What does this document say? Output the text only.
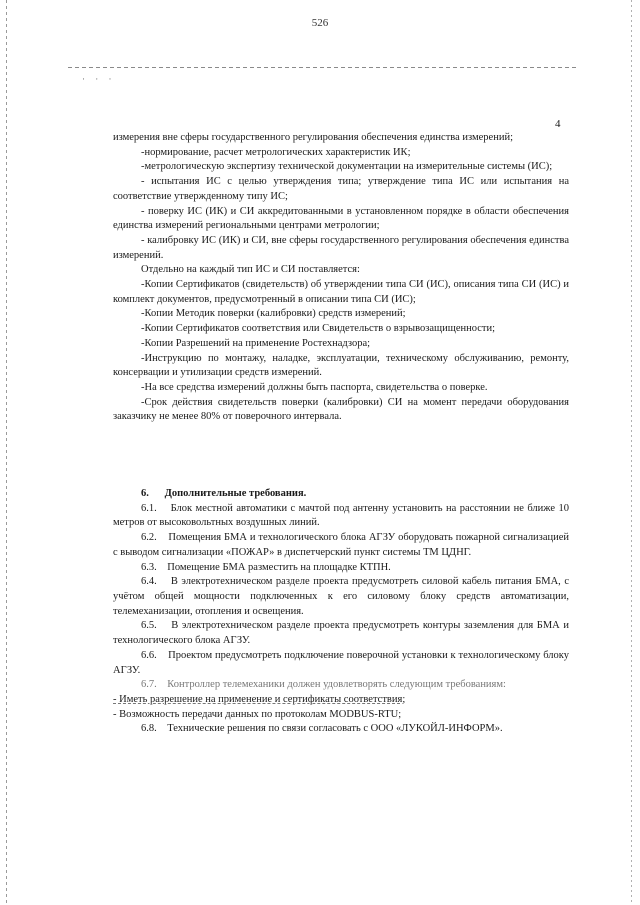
526
· · ·
4

измерения вне сферы государственного регулирования обеспечения единства измерений;

-нормирование, расчет метрологических характеристик ИК;

-метрологическую экспертизу технической документации на измерительные системы (ИС);

- испытания ИС с целью утверждения типа; утверждение типа ИС или испытания на соответствие утвержденному типу ИС;

- поверку ИС (ИК) и СИ аккредитованными в установленном порядке в области обеспечения единства измерений региональными центрами метрологии;

- калибровку ИС (ИК) и СИ, вне сферы государственного регулирования обеспечения единства измерений.

Отдельно на каждый тип ИС и СИ поставляется:

-Копии Сертификатов (свидетельств) об утверждении типа СИ (ИС), описания типа СИ (ИС) и комплект документов, предусмотренный в описании типа СИ (ИС);

-Копии Методик поверки (калибровки) средств измерений;

-Копии Сертификатов соответствия или Свидетельств о взрывозащищенности;

-Копии Разрешений на применение Ростехнадзора;

-Инструкцию по монтажу, наладке, эксплуатации, техническому обслуживанию, ремонту, консервации и утилизации средств измерений.

-На все средства измерений должны быть паспорта, свидетельства о поверке.

-Срок действия свидетельств поверки (калибровки) СИ на момент передачи оборудования заказчику не менее 80% от поверочного интервала.

6. Дополнительные требования.

6.1. Блок местной автоматики с мачтой под антенну установить на расстоянии не ближе 10 метров от высоковольтных воздушных линий.

6.2. Помещения БМА и технологического блока АГЗУ оборудовать пожарной сигнализацией с выводом сигнализации «ПОЖАР» в диспетчерский пункт системы ТМ ЦДНГ.

6.3. Помещение БМА разместить на площадке КТПН.

6.4. В электротехническом разделе проекта предусмотреть силовой кабель питания БМА, с учётом общей мощности подключенных к его силовому блоку средств автоматизации, телемеханизации, отопления и освещения.

6.5. В электротехническом разделе проекта предусмотреть контуры заземления для БМА и технологического блока АГЗУ.

6.6. Проектом предусмотреть подключение поверочной установки к технологическому блоку АГЗУ.

6.7. Контроллер телемеханики должен удовлетворять следующим требованиям:

- Иметь разрешение на применение и сертификаты соответствия;

- Возможность передачи данных по протоколам MODBUS-RTU;

6.8. Технические решения по связи согласовать с ООО «ЛУКОЙЛ-ИНФОРМ».
